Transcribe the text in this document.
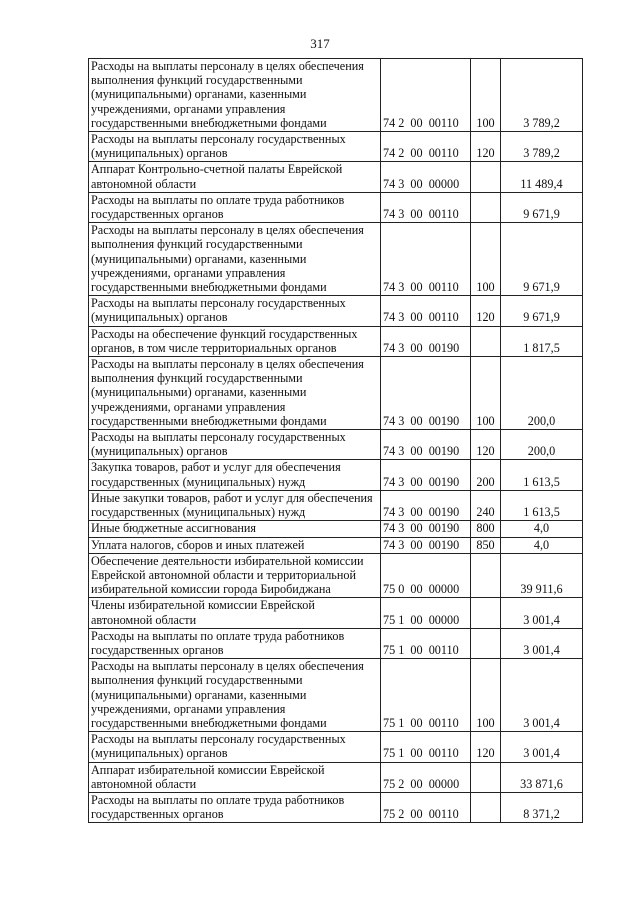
317
Расходы на выплаты персоналу в целях обеспечения выполнения функций государственными (муниципальными) органами, казенными учреждениями, органами управления государственными внебюджетными фондами	74 2  00  00110	100	3 789,2
Расходы на выплаты персоналу государственных (муниципальных) органов	74 2  00  00110	120	3 789,2
Аппарат Контрольно-счетной палаты Еврейской автономной области	74 3  00  00000		11 489,4
Расходы на выплаты по оплате труда работников государственных органов	74 3  00  00110		9 671,9
Расходы на выплаты персоналу в целях обеспечения выполнения функций государственными (муниципальными) органами, казенными учреждениями, органами управления государственными внебюджетными фондами	74 3  00  00110	100	9 671,9
Расходы на выплаты персоналу государственных (муниципальных) органов	74 3  00  00110	120	9 671,9
Расходы на обеспечение функций государственных органов, в том числе территориальных органов	74 3  00  00190		1 817,5
Расходы на выплаты персоналу в целях обеспечения выполнения функций государственными (муниципальными) органами, казенными учреждениями, органами управления государственными внебюджетными фондами	74 3  00  00190	100	200,0
Расходы на выплаты персоналу государственных (муниципальных) органов	74 3  00  00190	120	200,0
Закупка товаров, работ и услуг для обеспечения государственных (муниципальных) нужд	74 3  00  00190	200	1 613,5
Иные закупки товаров, работ и услуг для обеспечения государственных (муниципальных) нужд	74 3  00  00190	240	1 613,5
Иные бюджетные ассигнования	74 3  00  00190	800	4,0
Уплата налогов, сборов и иных платежей	74 3  00  00190	850	4,0
Обеспечение деятельности избирательной комиссии Еврейской автономной области и территориальной избирательной комиссии города Биробиджана	75 0  00  00000		39 911,6
Члены избирательной комиссии Еврейской автономной области	75 1  00  00000		3 001,4
Расходы на выплаты по оплате труда работников государственных органов	75 1  00  00110		3 001,4
Расходы на выплаты персоналу в целях обеспечения выполнения функций государственными (муниципальными) органами, казенными учреждениями, органами управления государственными внебюджетными фондами	75 1  00  00110	100	3 001,4
Расходы на выплаты персоналу государственных (муниципальных) органов	75 1  00  00110	120	3 001,4
Аппарат избирательной комиссии Еврейской автономной области	75 2  00  00000		33 871,6
Расходы на выплаты по оплате труда работников государственных органов	75 2  00  00110		8 371,2
